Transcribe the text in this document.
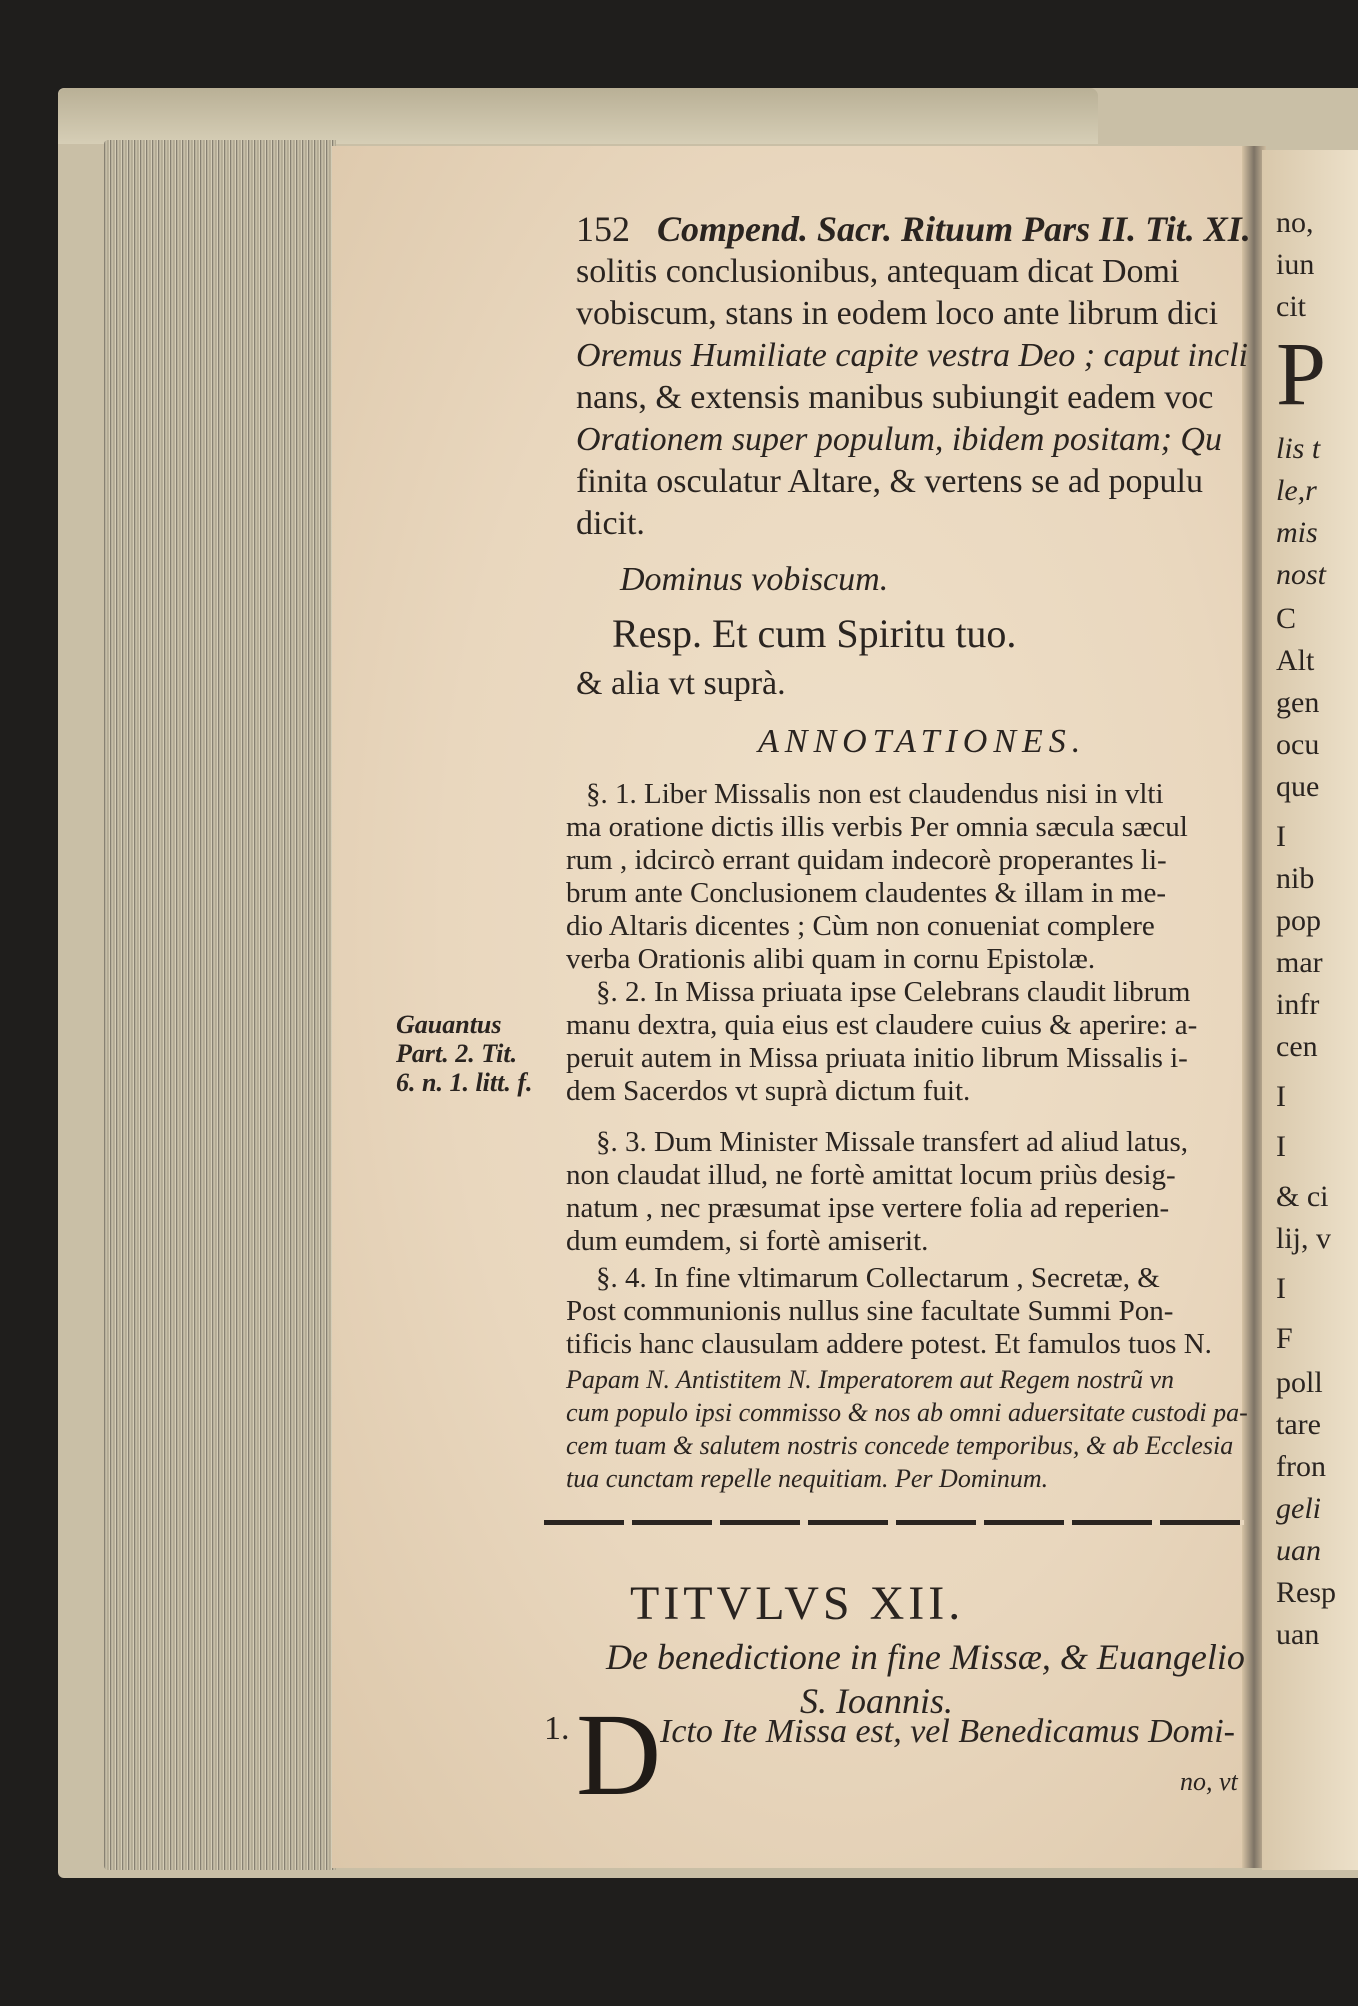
152 Compend. Sacr. Rituum Pars II. Tit. XI.
solitis conclusionibus, antequam dicat Domi
vobiscum, stans in eodem loco ante librum dici
Oremus Humiliate capite vestra Deo ; caput incli
nans, & extensis manibus subiungit eadem voc
Orationem super populum, ibidem positam; Qu
finita osculatur Altare, & vertens se ad populu
dicit.
Dominus vobiscum.
Resp. Et cum Spiritu tuo.
& alia vt suprà.
ANNOTATIONES.
§. 1. Liber Missalis non est claudendus nisi in vlti
ma oratione dictis illis verbis Per omnia sæcula sæcul
rum , idcircò errant quidam indecorè properantes li-
brum ante Conclusionem claudentes & illam in me-
dio Altaris dicentes ; Cùm non conueniat complere
verba Orationis alibi quam in cornu Epistolæ.
§. 2. In Missa priuata ipse Celebrans claudit librum
manu dextra, quia eius est claudere cuius & aperire: a-
peruit autem in Missa priuata initio librum Missalis i-
dem Sacerdos vt suprà dictum fuit.
§. 3. Dum Minister Missale transfert ad aliud latus,
non claudat illud, ne fortè amittat locum priùs desig-
natum , nec præsumat ipse vertere folia ad reperien-
dum eumdem, si fortè amiserit.
§. 4. In fine vltimarum Collectarum , Secretæ, &
Post communionis nullus sine facultate Summi Pon-
tificis hanc clausulam addere potest. Et famulos tuos N.
Papam N. Antistitem N. Imperatorem aut Regem nostrũ vn
cum populo ipsi commisso & nos ab omni aduersitate custodi pa-
cem tuam & salutem nostris concede temporibus, & ab Ecclesia
tua cunctam repelle nequitiam. Per Dominum.
Gauantus
Part. 2. Tit.
6. n. 1. litt. f.
TITVLVS XII.
De benedictione in fine Missæ, & Euangelio
S. Ioannis.
1. D
Icto Ite Missa est, vel Benedicamus Domi-
no, vt
no,
iun
cit
P
lis t
le,r
mis
nost
C
Alt
gen
ocu
que
I
nib
pop
mar
infr
cen
I
I
& ci
lij, v
I
F
poll
tare
fron
geli
uan
Resp
uan
